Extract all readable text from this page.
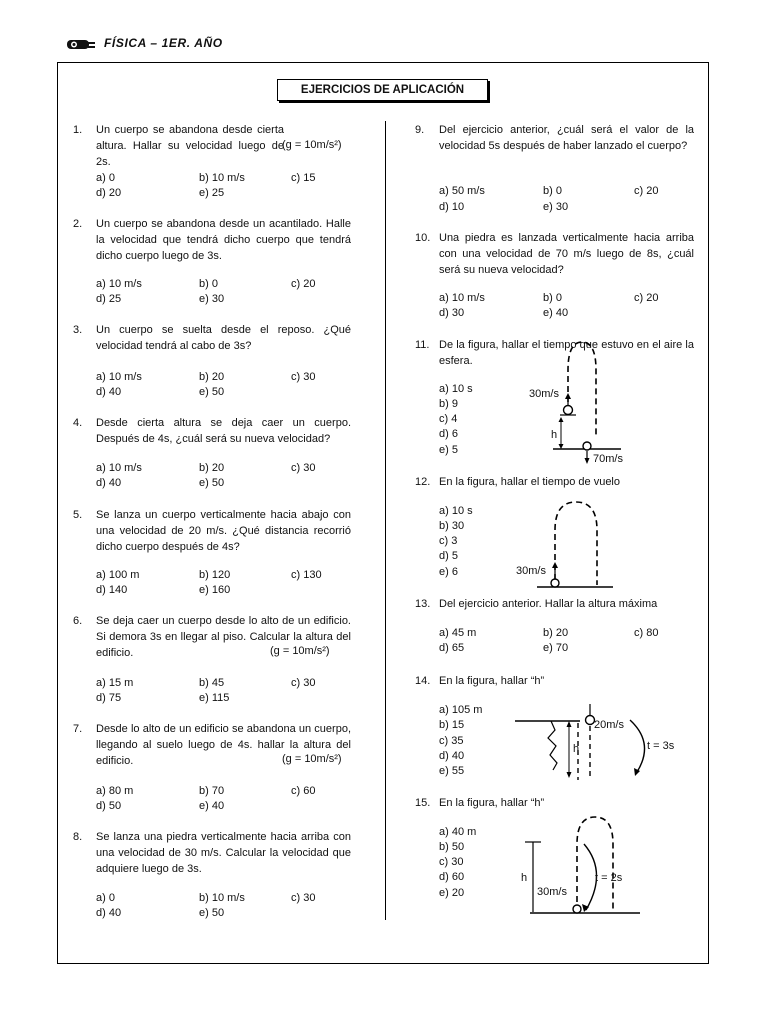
FÍSICA – 1ER. AÑO
EJERCICIOS DE APLICACIÓN
1. Un cuerpo se abandona desde cierta altura. Hallar su velocidad luego de 2s.
(g = 10m/s²)
a) 0	b) 10 m/s	c) 15
d) 20	e) 25
2. Un cuerpo se abandona desde un acantilado. Halle la velocidad que tendrá dicho cuerpo que tendrá dicho cuerpo luego de 3s.
a) 10 m/s	b) 0	c) 20
d) 25	e) 30
3. Un cuerpo se suelta desde el reposo. ¿Qué velocidad tendrá al cabo de 3s?
a) 10 m/s	b) 20	c) 30
d) 40	e) 50
4. Desde cierta altura se deja caer un cuerpo. Después de 4s, ¿cuál será su nueva velocidad?
a) 10 m/s	b) 20	c) 30
d) 40	e) 50
5. Se lanza un cuerpo verticalmente hacia abajo con una velocidad de 20 m/s. ¿Qué distancia recorrió dicho cuerpo después de 4s?
a) 100 m	b) 120	c) 130
d) 140	e) 160
6. Se deja caer un cuerpo desde lo alto de un edificio. Si demora 3s en llegar al piso. Calcular la altura del edificio.	(g = 10m/s²)
a) 15 m	b) 45	c) 30
d) 75	e) 115
7. Desde lo alto de un edificio se abandona un cuerpo, llegando al suelo luego de 4s. hallar la altura del edificio.	(g = 10m/s²)
a) 80 m	b) 70	c) 60
d) 50	e) 40
8. Se lanza una piedra verticalmente hacia arriba con una velocidad de 30 m/s. Calcular la velocidad que adquiere luego de 3s.
a) 0	b) 10 m/s	c) 30
d) 40	e) 50
9. Del ejercicio anterior, ¿cuál será el valor de la velocidad 5s después de haber lanzado el cuerpo?
a) 50 m/s	b) 0	c) 20
d) 10	e) 30
10. Una piedra es lanzada verticalmente hacia arriba con una velocidad de 70 m/s luego de 8s, ¿cuál será su nueva velocidad?
a) 10 m/s	b) 0	c) 20
d) 30	e) 40
11. De la figura, hallar el tiempo que estuvo en el aire la esfera.
a) 10 s
b) 9
c) 4
d) 6
e) 5
30m/s
h
70m/s
12. En la figura, hallar el tiempo de vuelo
a) 10 s
b) 30
c) 3
d) 5
e) 6	30m/s
13. Del ejercicio anterior. Hallar la altura máxima
a) 45 m	b) 20	c) 80
d) 65	e) 70
14. En la figura, hallar “h”
a) 105 m
b) 15
c) 35
d) 40
e) 55
20m/s
h	t = 3s
15. En la figura, hallar “h”
a) 40 m
b) 50
c) 30
d) 60
e) 20
h
30m/s
t = 2s
